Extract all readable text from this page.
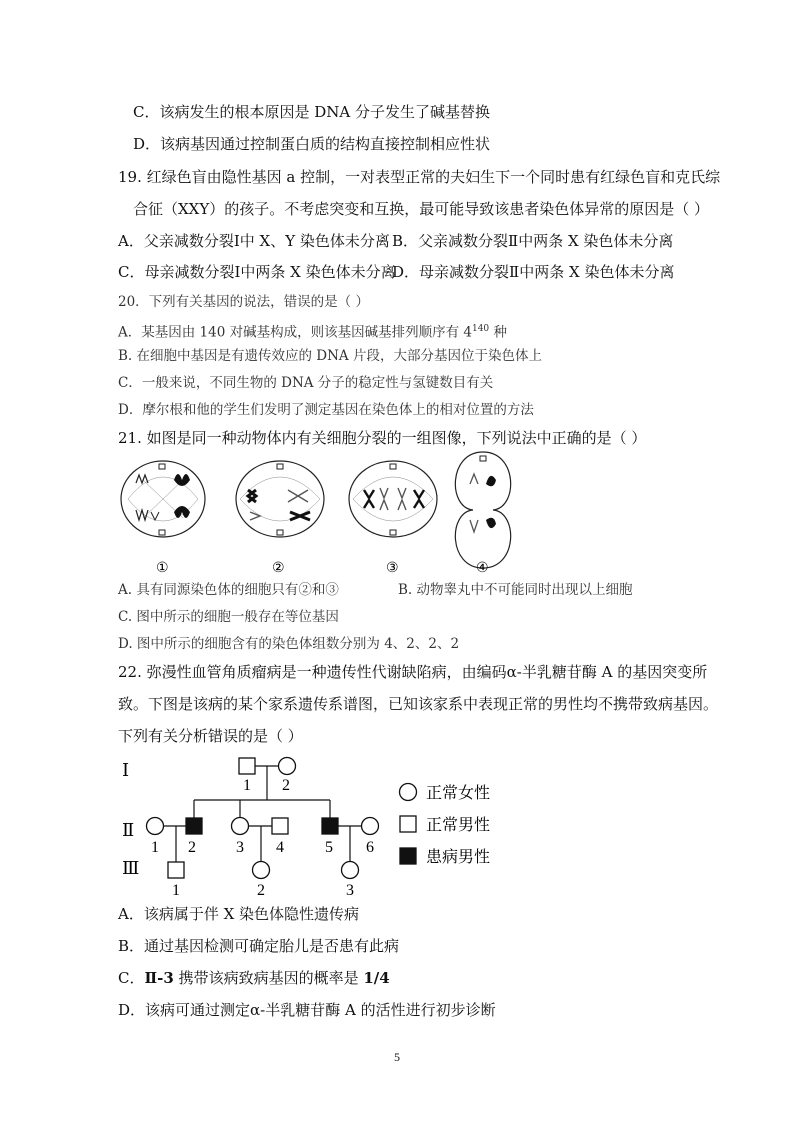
C．该病发生的根本原因是 DNA 分子发生了碱基替换
D．该病基因通过控制蛋白质的结构直接控制相应性状
19. 红绿色盲由隐性基因 a 控制，一对表型正常的夫妇生下一个同时患有红绿色盲和克氏综
合征（XXY）的孩子。不考虑突变和互换，最可能导致该患者染色体异常的原因是（ ）
A．父亲减数分裂Ⅰ中 X、Y 染色体未分离 B．父亲减数分裂Ⅱ中两条 X 染色体未分离
C．母亲减数分裂Ⅰ中两条 X 染色体未分离
D．母亲减数分裂Ⅱ中两条 X 染色体未分离
20．下列有关基因的说法，错误的是（ ）
A．某基因由 140 对碱基构成，则该基因碱基排列顺序有 $4^{140}$ 种
B. 在细胞中基因是有遗传效应的 DNA 片段，大部分基因位于染色体上
C．一般来说，不同生物的 DNA 分子的稳定性与氢键数目有关
D．摩尔根和他的学生们发明了测定基因在染色体上的相对位置的方法
21. 如图是同一种动物体内有关细胞分裂的一组图像，下列说法中正确的是（ ）
①	②	③	④
A. 具有同源染色体的细胞只有②和③	B. 动物睾丸中不可能同时出现以上细胞
C. 图中所示的细胞一般存在等位基因
D. 图中所示的细胞含有的染色体组数分别为 4、2、2、2
22. 弥漫性血管角质瘤病是一种遗传性代谢缺陷病，由编码α-半乳糖苷酶 A 的基因突变所
致。下图是该病的某个家系遗传系谱图，已知该家系中表现正常的男性均不携带致病基因。
下列有关分析错误的是（ ）
Ⅰ
Ⅱ
Ⅲ
1 2
1 2	3 4	5 6
1	2	3
正常女性
正常男性
患病男性
A．该病属于伴 X 染色体隐性遗传病
B．通过基因检测可确定胎儿是否患有此病
C．Ⅱ-3 携带该病致病基因的概率是 1/4
D．该病可通过测定α-半乳糖苷酶 A 的活性进行初步诊断
5
